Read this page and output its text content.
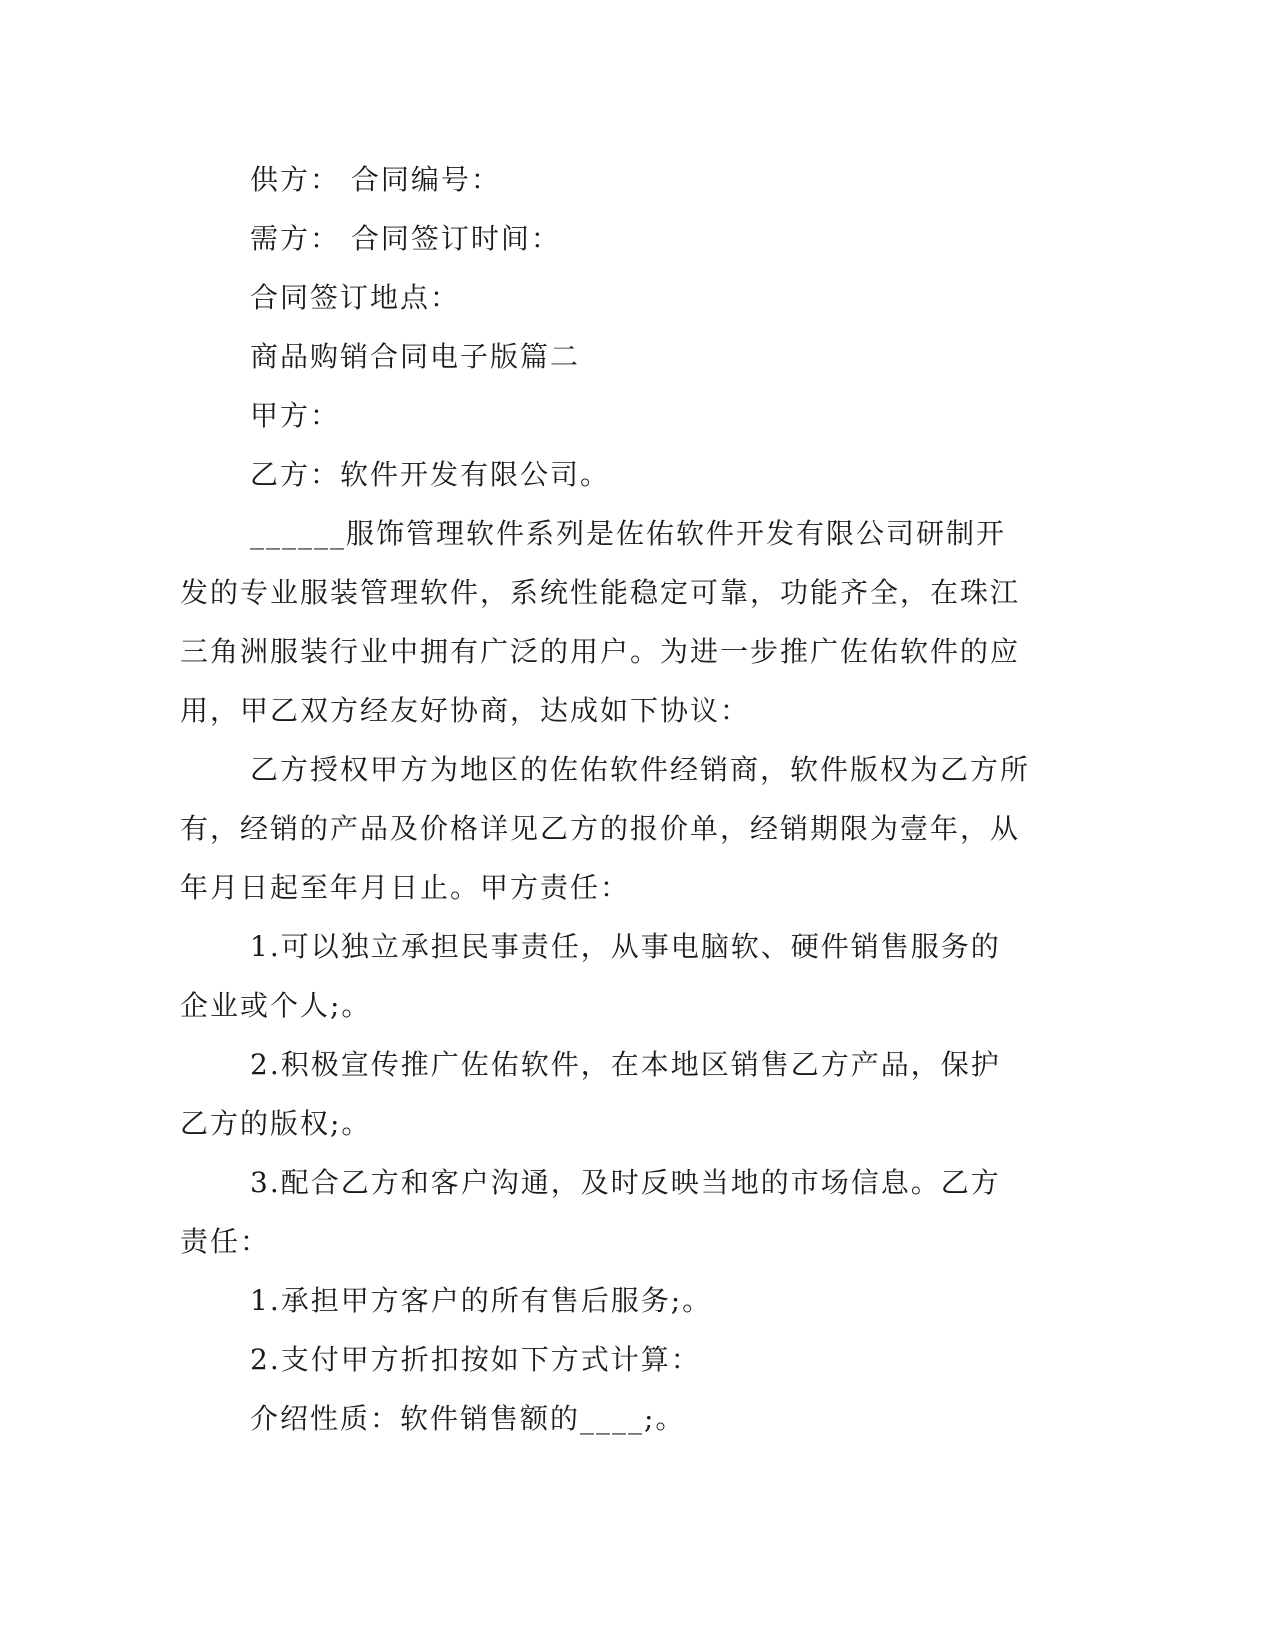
供方： 合同编号：

需方： 合同签订时间：

合同签订地点：

商品购销合同电子版篇二

甲方：

乙方：软件开发有限公司。

______服饰管理软件系列是佐佑软件开发有限公司研制开发的专业服装管理软件，系统性能稳定可靠，功能齐全，在珠江三角洲服装行业中拥有广泛的用户。为进一步推广佐佑软件的应用，甲乙双方经友好协商，达成如下协议：

乙方授权甲方为地区的佐佑软件经销商，软件版权为乙方所有，经销的产品及价格详见乙方的报价单，经销期限为壹年，从年月日起至年月日止。甲方责任：

1.可以独立承担民事责任，从事电脑软、硬件销售服务的企业或个人;。

2.积极宣传推广佐佑软件，在本地区销售乙方产品，保护乙方的版权;。

3.配合乙方和客户沟通，及时反映当地的市场信息。乙方责任：

1.承担甲方客户的所有售后服务;。

2.支付甲方折扣按如下方式计算：

介绍性质：软件销售额的____;。
